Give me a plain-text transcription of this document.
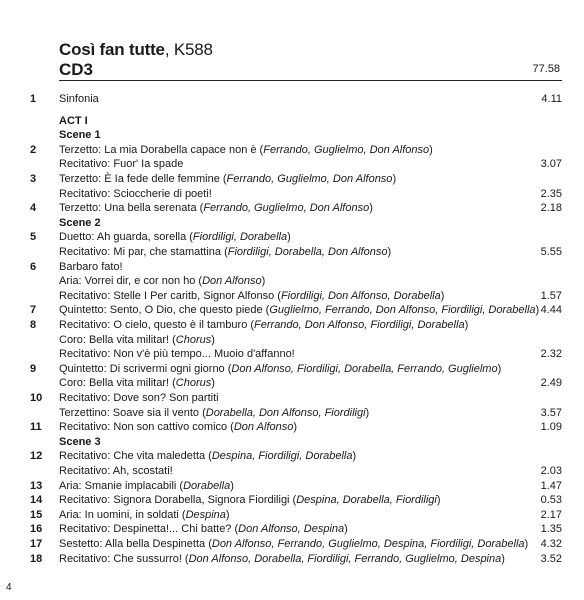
Così fan tutte, K588
CD3	77.58
1	Sinfonia	4.11
ACT I
Scene 1
2	Terzetto: La mia Dorabella capace non è (Ferrando, Guglielmo, Don Alfonso)
Recitativo: Fuor' Ia spade	3.07
3	Terzetto: È Ia fede delle femmine (Ferrando, Guglielmo, Don Alfonso)
Recitativo: Scioccherie di poeti!	2.35
4	Terzetto: Una bella serenata (Ferrando, Guglielmo, Don Alfonso)	2.18
Scene 2
5	Duetto: Ah guarda, sorella (Fiordiligi, Dorabella)
Recitativo: Mi par, che stamattina (Fiordiligi, Dorabella, Don Alfonso)	5.55
6	Barbaro fato!
Aria: Vorrei dir, e cor non ho (Don Alfonso)
Recitativo: Stelle I Per caritb, Signor Alfonso (Fiordiligi, Don Alfonso, Dorabella)	1.57
7	Quintetto: Sento, O Dio, che questo piede (Guglielmo, Ferrando, Don Alfonso, Fiordiligi, Dorabella) 4.44
8	Recitativo: O cielo, questo è il tamburo (Ferrando, Don Alfonso, Fiordiligi, Dorabella)
Coro: Bella vita militar! (Chorus)
Recitativo: Non v'è più tempo... Muoio d'affanno!	2.32
9	Quintetto: Di scrivermi ogni giorno (Don Alfonso, Fiordiligi, Dorabella, Ferrando, Guglielmo)
Coro: Bella vita militar! (Chorus)	2.49
10	Recitativo: Dove son? Son partiti
Terzettino: Soave sia il vento (Dorabella, Don Alfonso, Fiordiligi)	3.57
11	Recitativo: Non son cattivo comico (Don Alfonso)	1.09
Scene 3
12	Recitativo: Che vita maledetta (Despina, Fiordiligi, Dorabella)
Recitativo: Ah, scostati!	2.03
13	Aria: Smanie implacabili (Dorabella)	1.47
14	Recitativo: Signora Dorabella, Signora Fiordiligi (Despina, Dorabella, Fiordiligi)	0.53
15	Aria: In uomini, in soldati (Despina)	2.17
16	Recitativo: Despinetta!... Chi batte? (Don Alfonso, Despina)	1.35
17	Sestetto: Alla bella Despinetta (Don Alfonso, Ferrando, Guglielmo, Despina, Fiordiligi, Dorabella) 4.32
18	Recitativo: Che sussurro! (Don Alfonso, Dorabella, Fiordiligi, Ferrando, Guglielmo, Despina)	3.52
4
